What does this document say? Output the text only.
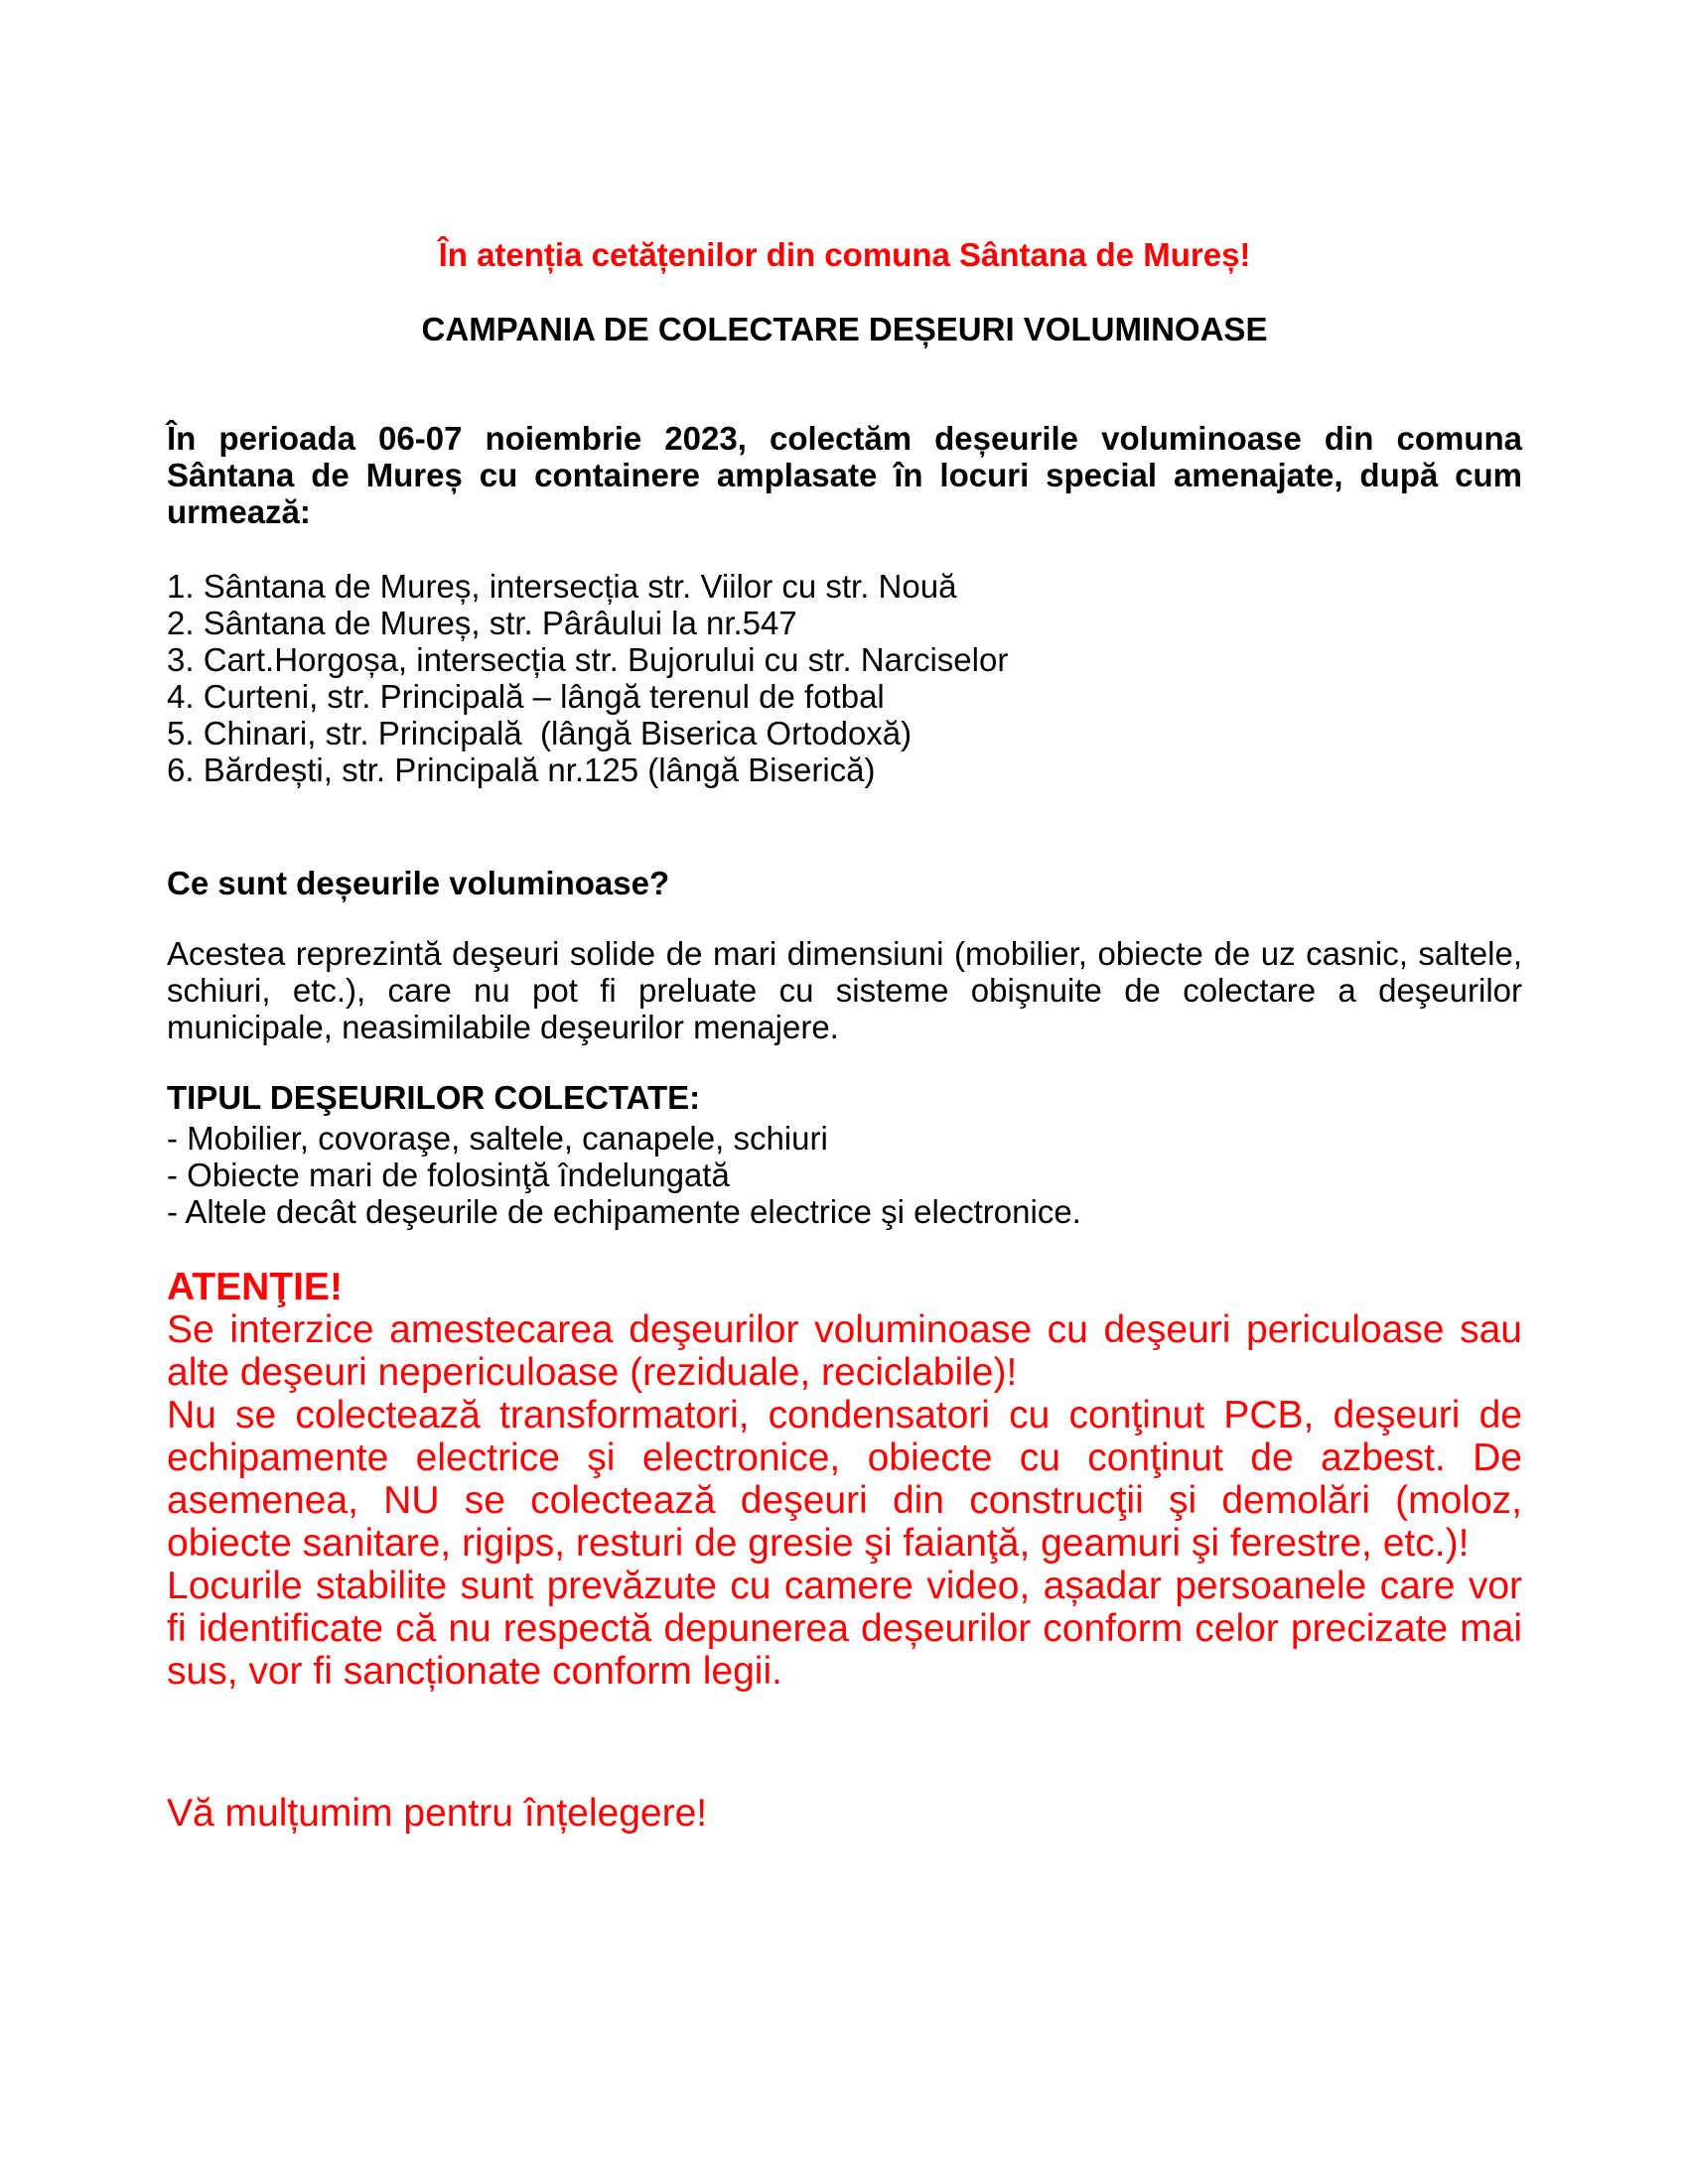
În atenția cetățenilor din comuna Sântana de Mureș!

CAMPANIA DE COLECTARE DEȘEURI VOLUMINOASE

În perioada 06-07 noiembrie 2023, colectăm deșeurile voluminoase din comuna Sântana de Mureș cu containere amplasate în locuri special amenajate, după cum urmează:

1. Sântana de Mureș, intersecția str. Viilor cu str. Nouă
2. Sântana de Mureș, str. Pârâului la nr.547
3. Cart.Horgoșa, intersecția str. Bujorului cu str. Narciselor
4. Curteni, str. Principală – lângă terenul de fotbal
5. Chinari, str. Principală  (lângă Biserica Ortodoxă)
6. Bărdești, str. Principală nr.125 (lângă Biserică)

Ce sunt deșeurile voluminoase?

Acestea reprezintă deşeuri solide de mari dimensiuni (mobilier, obiecte de uz casnic, saltele, schiuri, etc.), care nu pot fi preluate cu sisteme obişnuite de colectare a deşeurilor municipale, neasimilabile deşeurilor menajere.

TIPUL DEŞEURILOR COLECTATE:

- Mobilier, covoraşe, saltele, canapele, schiuri
- Obiecte mari de folosinţă îndelungată
- Altele decât deşeurile de echipamente electrice şi electronice.

ATENŢIE!

Se interzice amestecarea deşeurilor voluminoase cu deşeuri periculoase sau alte deşeuri nepericuloase (reziduale, reciclabile)!

Nu se colectează transformatori, condensatori cu conţinut PCB, deşeuri de echipamente electrice şi electronice, obiecte cu conţinut de azbest. De asemenea, NU se colectează deşeuri din construcţii şi demolări (moloz, obiecte sanitare, rigips, resturi de gresie şi faianţă, geamuri şi ferestre, etc.)!

Locurile stabilite sunt prevăzute cu camere video, așadar persoanele care vor fi identificate că nu respectă depunerea deșeurilor conform celor precizate mai sus, vor fi sancționate conform legii.

Vă mulțumim pentru înțelegere!
